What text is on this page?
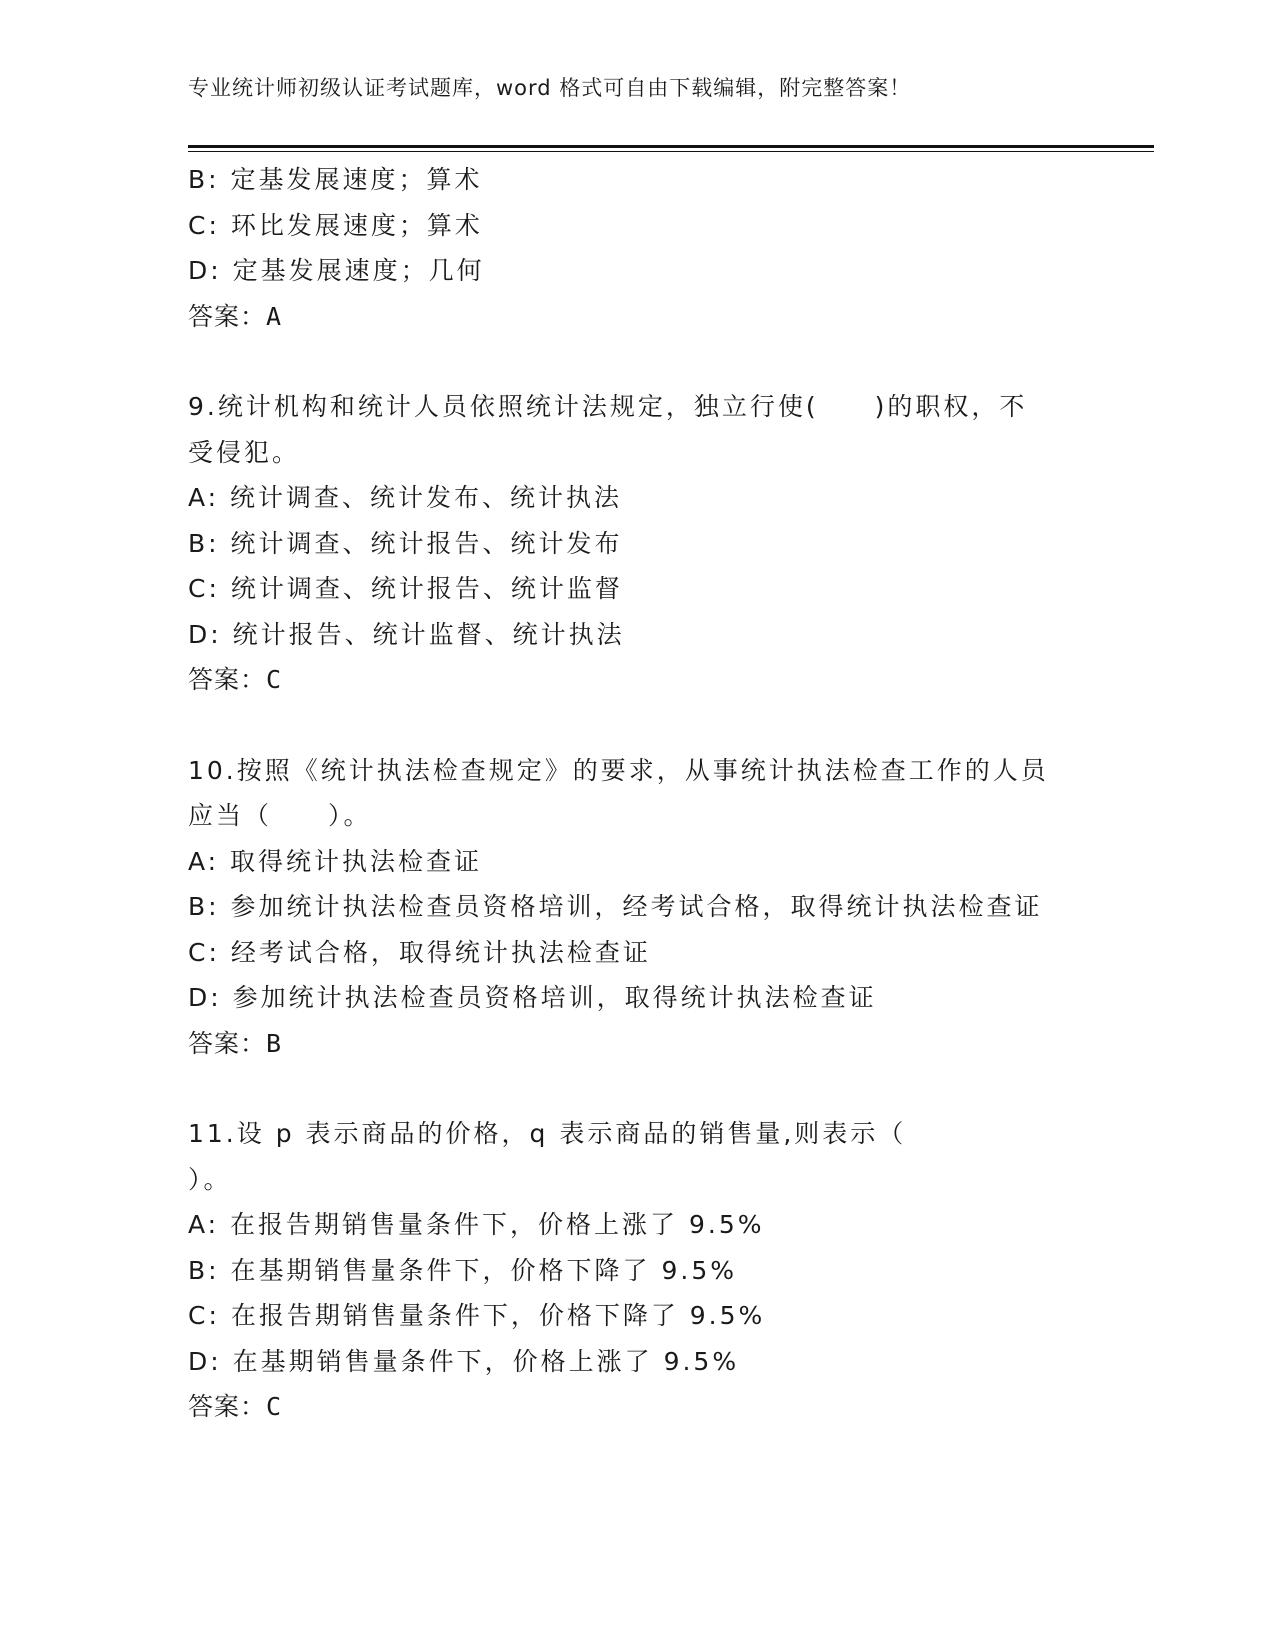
专业统计师初级认证考试题库，word 格式可自由下载编辑，附完整答案！
B: 定基发展速度；算术
C: 环比发展速度；算术
D: 定基发展速度；几何
答案：A
9.统计机构和统计人员依照统计法规定，独立行使(　　)的职权，不
受侵犯。
A: 统计调查、统计发布、统计执法
B: 统计调查、统计报告、统计发布
C: 统计调查、统计报告、统计监督
D: 统计报告、统计监督、统计执法
答案：C
10.按照《统计执法检查规定》的要求，从事统计执法检查工作的人员
应当（　　）。
A: 取得统计执法检查证
B: 参加统计执法检查员资格培训，经考试合格，取得统计执法检查证
C: 经考试合格，取得统计执法检查证
D: 参加统计执法检查员资格培训，取得统计执法检查证
答案：B
11.设 p 表示商品的价格，q 表示商品的销售量,则表示（
）。
A: 在报告期销售量条件下，价格上涨了 9.5%
B: 在基期销售量条件下，价格下降了 9.5%
C: 在报告期销售量条件下，价格下降了 9.5%
D: 在基期销售量条件下，价格上涨了 9.5%
答案：C
